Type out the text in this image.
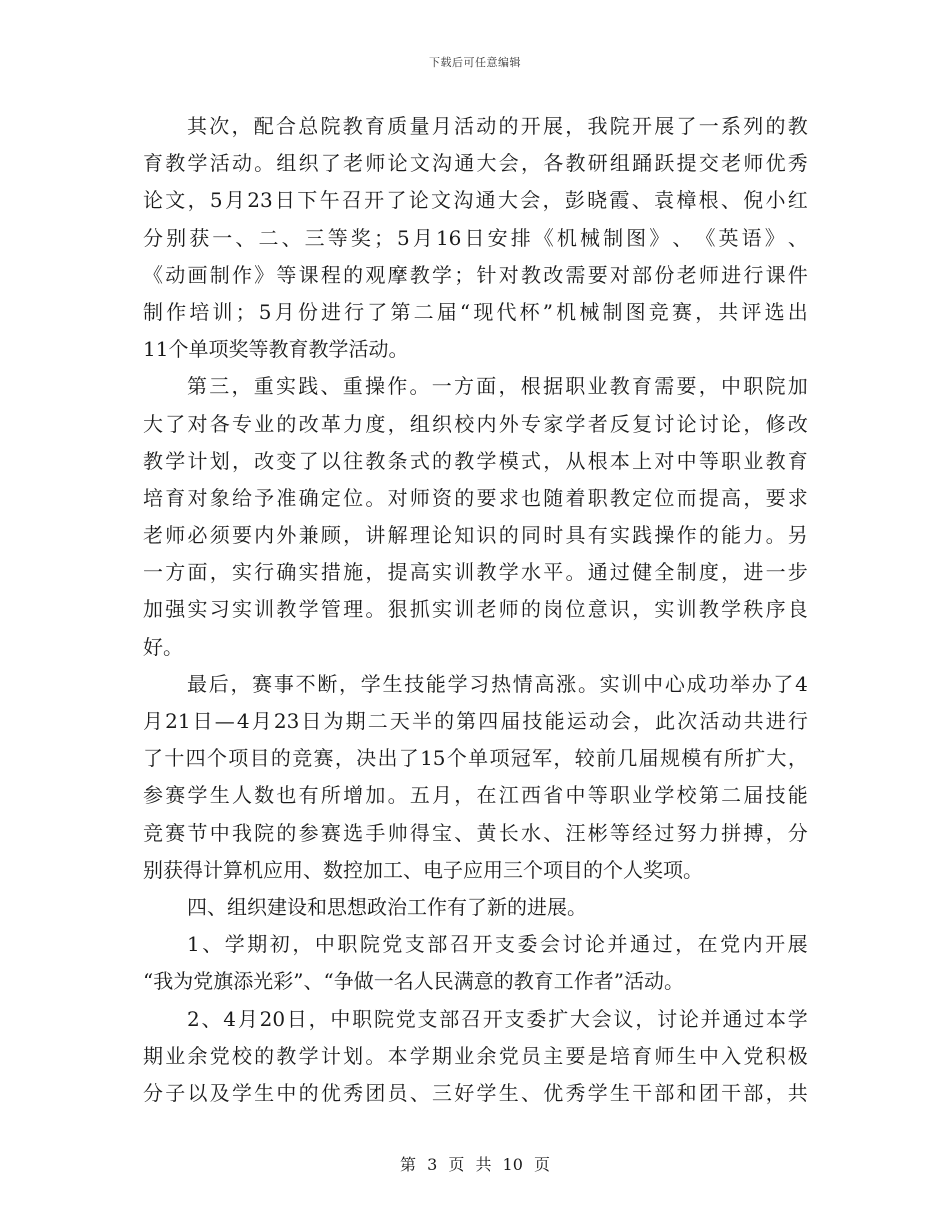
下载后可任意编辑
其 次 ， 配 合 总 院 教 育 质 量 月 活 动 的 开 展 ， 我 院 开 展 了 一 系 列 的 教
育 教 学 活 动 。 组 织 了 老 师 论 文 沟 通 大 会 ， 各 教 研 组 踊 跃 提 交 老 师 优 秀
论 文 ， 5 月 23 日 下 午 召 开 了 论 文 沟 通 大 会 ， 彭 晓 霞 、 袁 樟 根 、 倪 小 红
分 别 获 一 、 二 、 三 等 奖 ； 5 月 16 日 安 排 《 机 械 制 图 》 、 《 英 语 》 、
《 动 画 制 作 》 等 课 程 的 观 摩 教 学 ； 针 对 教 改 需 要 对 部 份 老 师 进 行 课 件
制 作 培 训 ； 5 月 份 进 行 了 第 二 届 “ 现 代 杯 ” 机 械 制 图 竞 赛 ， 共 评 选 出
11 个 单 项 奖 等 教 育 教 学 活 动 。
第 三 ， 重 实 践 、 重 操 作 。 一 方 面 ， 根 据 职 业 教 育 需 要 ， 中 职 院 加
大 了 对 各 专 业 的 改 革 力 度 ， 组 织 校 内 外 专 家 学 者 反 复 讨 论 讨 论 ， 修 改
教 学 计 划 ， 改 变 了 以 往 教 条 式 的 教 学 模 式 ， 从 根 本 上 对 中 等 职 业 教 育
培 育 对 象 给 予 准 确 定 位 。 对 师 资 的 要 求 也 随 着 职 教 定 位 而 提 高 ， 要 求
老 师 必 须 要 内 外 兼 顾 ， 讲 解 理 论 知 识 的 同 时 具 有 实 践 操 作 的 能 力 。 另
一 方 面 ， 实 行 确 实 措 施 ， 提 高 实 训 教 学 水 平 。 通 过 健 全 制 度 ， 进 一 步
加 强 实 习 实 训 教 学 管 理 。 狠 抓 实 训 老 师 的 岗 位 意 识 ， 实 训 教 学 秩 序 良
好 。
最 后 ， 赛 事 不 断 ， 学 生 技 能 学 习 热 情 高 涨 。 实 训 中 心 成 功 举 办 了 4
月 21 日 — 4 月 23 日 为 期 二 天 半 的 第 四 届 技 能 运 动 会 ， 此 次 活 动 共 进 行
了 十 四 个 项 目 的 竞 赛 ， 决 出 了 15 个 单 项 冠 军 ， 较 前 几 届 规 模 有 所 扩 大 ，
参 赛 学 生 人 数 也 有 所 增 加 。 五 月 ， 在 江 西 省 中 等 职 业 学 校 第 二 届 技 能
竞 赛 节 中 我 院 的 参 赛 选 手 帅 得 宝 、 黄 长 水 、 汪 彬 等 经 过 努 力 拼 搏 ， 分
别 获 得 计 算 机 应 用 、 数 控 加 工 、 电 子 应 用 三 个 项 目 的 个 人 奖 项 。
四 、 组 织 建 设 和 思 想 政 治 工 作 有 了 新 的 进 展 。
1 、 学 期 初 ， 中 职 院 党 支 部 召 开 支 委 会 讨 论 并 通 过 ， 在 党 内 开 展
“ 我 为 党 旗 添 光 彩 ” 、 “ 争 做 一 名 人 民 满 意 的 教 育 工 作 者 ” 活 动 。
2 、 4 月 20 日 ， 中 职 院 党 支 部 召 开 支 委 扩 大 会 议 ， 讨 论 并 通 过 本 学
期 业 余 党 校 的 教 学 计 划 。 本 学 期 业 余 党 员 主 要 是 培 育 师 生 中 入 党 积 极
分 子 以 及 学 生 中 的 优 秀 团 员 、 三 好 学 生 、 优 秀 学 生 干 部 和 团 干 部 ， 共
第 3 页 共 10 页
